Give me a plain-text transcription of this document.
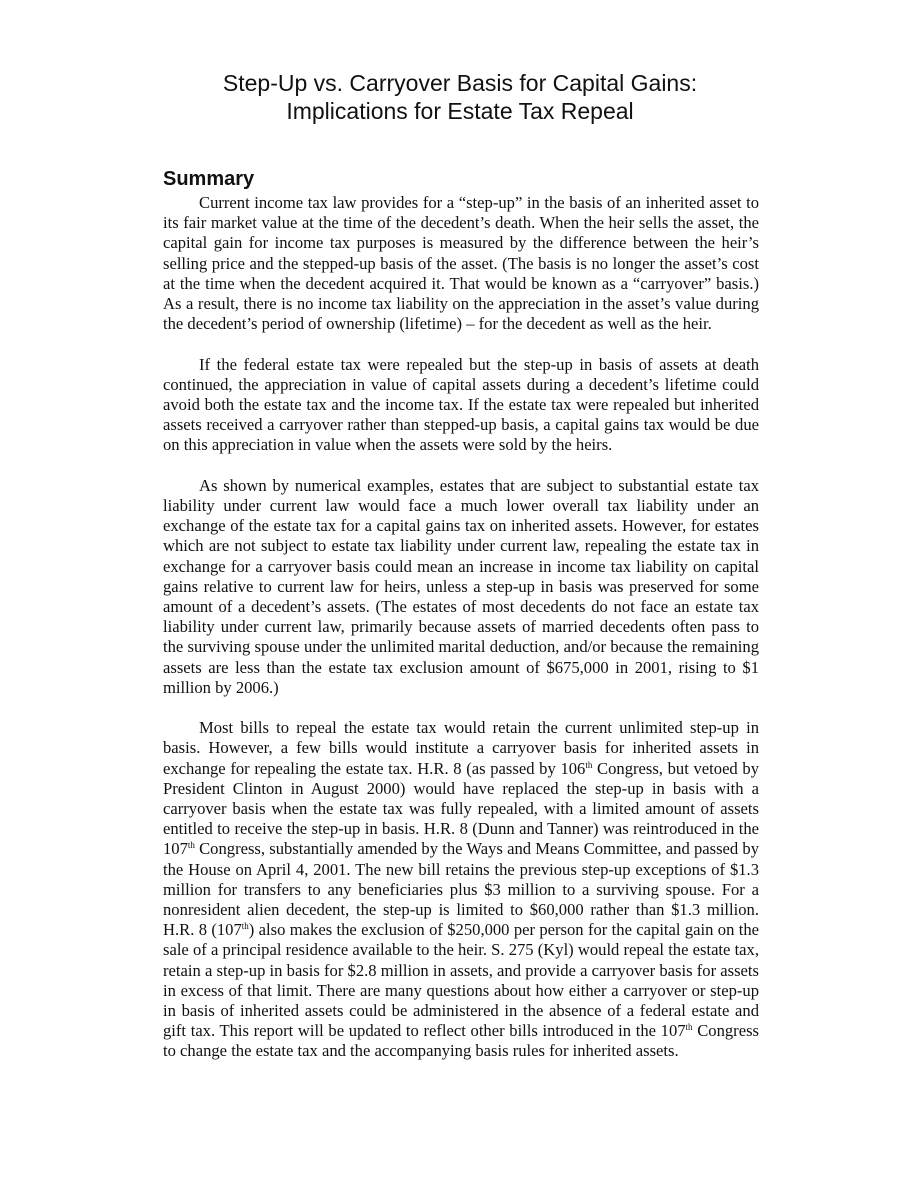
Step-Up vs. Carryover Basis for Capital Gains:
Implications for Estate Tax Repeal
Summary

Current income tax law provides for a “step-up” in the basis of an inherited asset to its fair market value at the time of the decedent’s death. When the heir sells the asset, the capital gain for income tax purposes is measured by the difference between the heir’s selling price and the stepped-up basis of the asset. (The basis is no longer the asset’s cost at the time when the decedent acquired it. That would be known as a “carryover” basis.) As a result, there is no income tax liability on the appreciation in the asset’s value during the decedent’s period of ownership (lifetime) – for the decedent as well as the heir.

If the federal estate tax were repealed but the step-up in basis of assets at death continued, the appreciation in value of capital assets during a decedent’s lifetime could avoid both the estate tax and the income tax. If the estate tax were repealed but inherited assets received a carryover rather than stepped-up basis, a capital gains tax would be due on this appreciation in value when the assets were sold by the heirs.

As shown by numerical examples, estates that are subject to substantial estate tax liability under current law would face a much lower overall tax liability under an exchange of the estate tax for a capital gains tax on inherited assets. However, for estates which are not subject to estate tax liability under current law, repealing the estate tax in exchange for a carryover basis could mean an increase in income tax liability on capital gains relative to current law for heirs, unless a step-up in basis was preserved for some amount of a decedent’s assets. (The estates of most decedents do not face an estate tax liability under current law, primarily because assets of married decedents often pass to the surviving spouse under the unlimited marital deduction, and/or because the remaining assets are less than the estate tax exclusion amount of $675,000 in 2001, rising to $1 million by 2006.)

Most bills to repeal the estate tax would retain the current unlimited step-up in basis. However, a few bills would institute a carryover basis for inherited assets in exchange for repealing the estate tax. H.R. 8 (as passed by 106th Congress, but vetoed by President Clinton in August 2000) would have replaced the step-up in basis with a carryover basis when the estate tax was fully repealed, with a limited amount of assets entitled to receive the step-up in basis. H.R. 8 (Dunn and Tanner) was reintroduced in the 107th Congress, substantially amended by the Ways and Means Committee, and passed by the House on April 4, 2001. The new bill retains the previous step-up exceptions of $1.3 million for transfers to any beneficiaries plus $3 million to a surviving spouse. For a nonresident alien decedent, the step-up is limited to $60,000 rather than $1.3 million. H.R. 8 (107th) also makes the exclusion of $250,000 per person for the capital gain on the sale of a principal residence available to the heir. S. 275 (Kyl) would repeal the estate tax, retain a step-up in basis for $2.8 million in assets, and provide a carryover basis for assets in excess of that limit. There are many questions about how either a carryover or step-up in basis of inherited assets could be administered in the absence of a federal estate and gift tax. This report will be updated to reflect other bills introduced in the 107th Congress to change the estate tax and the accompanying basis rules for inherited assets.
